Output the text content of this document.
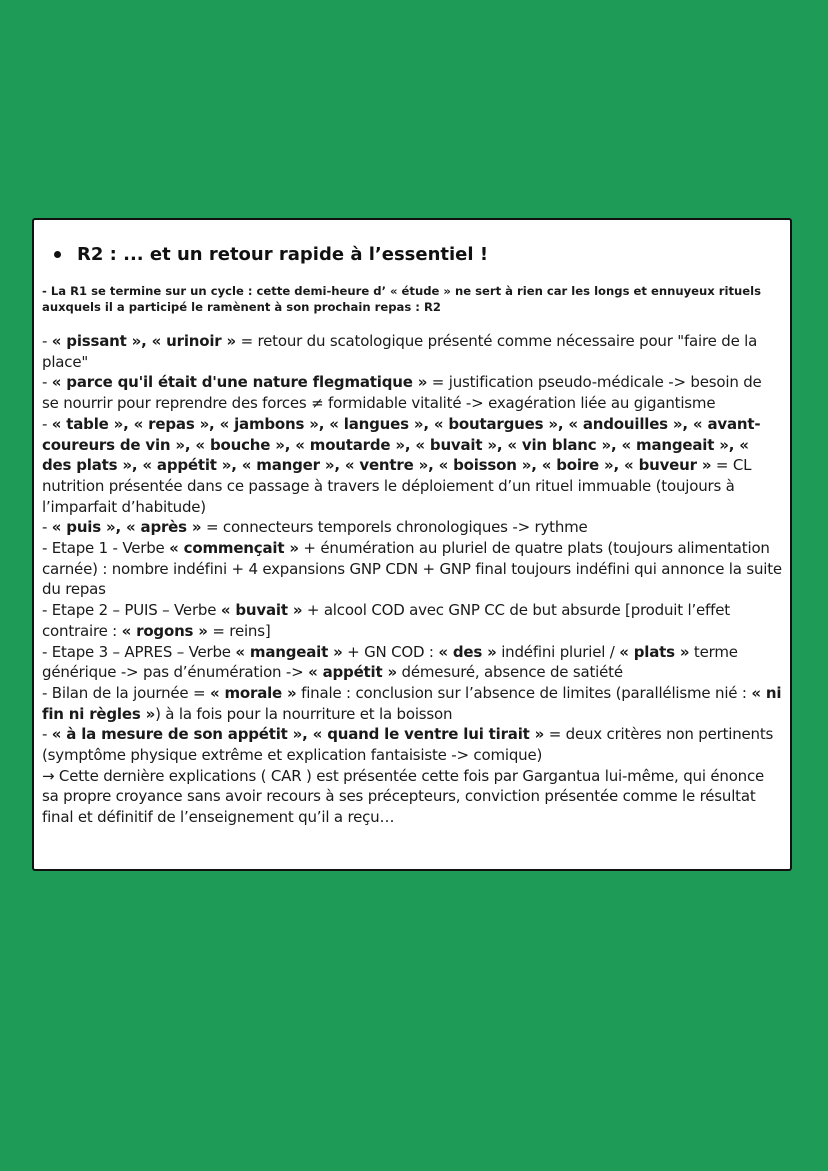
R2 : ... et un retour rapide à l’essentiel !
- La R1 se termine sur un cycle : cette demi-heure d’ « étude » ne sert à rien car les longs et ennuyeux rituels auxquels il a participé le ramènent à son prochain repas : R2

- « pissant », « urinoir » = retour du scatologique présenté comme nécessaire pour "faire de la place"

- « parce qu'il était d'une nature flegmatique » = justification pseudo-médicale -> besoin de se nourrir pour reprendre des forces ≠ formidable vitalité -> exagération liée au gigantisme

- « table », « repas », « jambons », « langues », « boutargues », « andouilles », « avant-coureurs de vin », « bouche », « moutarde », « buvait », « vin blanc », « mangeait », « des plats », « appétit », « manger », « ventre », « boisson », « boire », « buveur » = CL nutrition présentée dans ce passage à travers le déploiement d’un rituel immuable (toujours à l’imparfait d’habitude)

- « puis », « après » = connecteurs temporels chronologiques -> rythme

- Etape 1 - Verbe « commençait » + énumération au pluriel de quatre plats (toujours alimentation carnée) : nombre indéfini + 4 expansions GNP CDN + GNP final toujours indéfini qui annonce la suite du repas

- Etape 2 – PUIS – Verbe « buvait » + alcool COD avec GNP CC de but absurde [produit l’effet contraire : « rogons » = reins]

- Etape 3 – APRES – Verbe « mangeait » + GN COD : « des » indéfini pluriel / « plats » terme générique -> pas d’énumération -> « appétit » démesuré, absence de satiété

- Bilan de la journée = « morale » finale : conclusion sur l’absence de limites (parallélisme nié : « ni fin ni règles ») à la fois pour la nourriture et la boisson

- « à la mesure de son appétit », « quand le ventre lui tirait » = deux critères non pertinents (symptôme physique extrême et explication fantaisiste -> comique)

→ Cette dernière explications ( CAR ) est présentée cette fois par Gargantua lui-même, qui énonce sa propre croyance sans avoir recours à ses précepteurs, conviction présentée comme le résultat final et définitif de l’enseignement qu’il a reçu…
